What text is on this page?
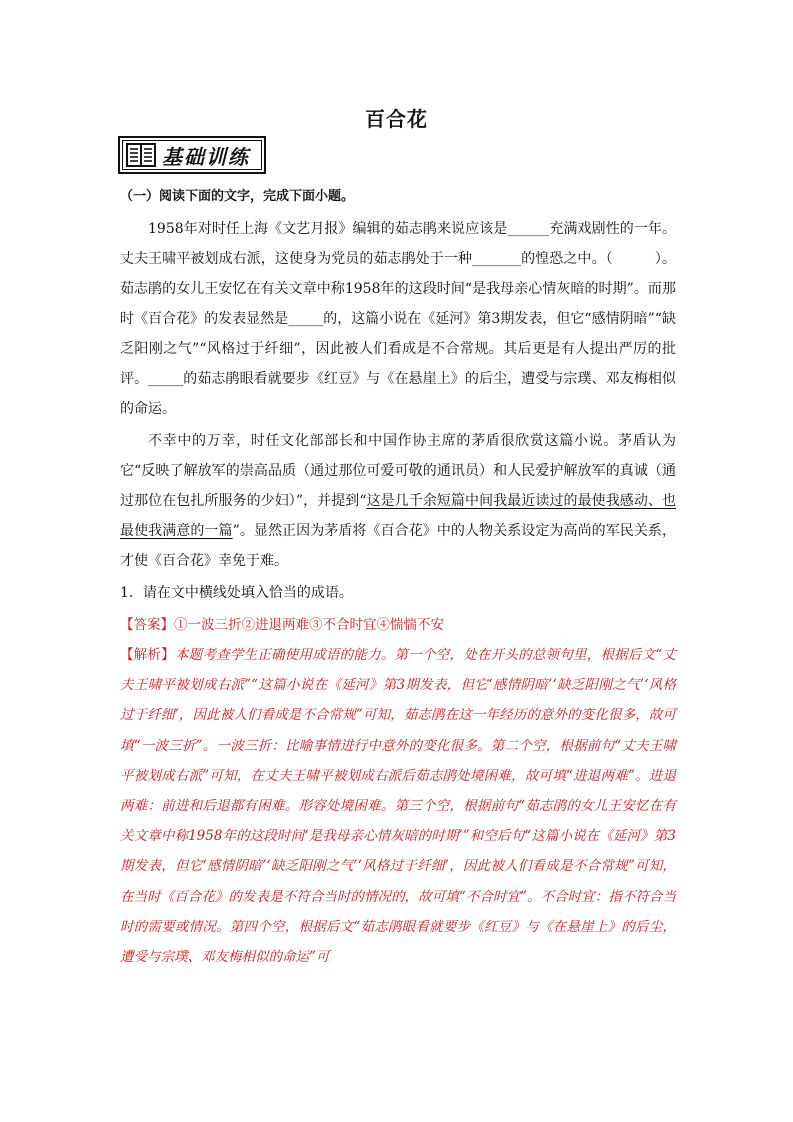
百合花
基础训练

（一）阅读下面的文字，完成下面小题。

1958年对时任上海《文艺月报》编辑的茹志鹃来说应该是______充满戏剧性的一年。丈夫王啸平被划成右派，这使身为党员的茹志鹃处于一种_______的惶恐之中。（　　　）。茹志鹃的女儿王安忆在有关文章中称1958年的这段时间“是我母亲心情灰暗的时期”。而那时《百合花》的发表显然是_____的，这篇小说在《延河》第3期发表，但它“感情阴暗”“缺乏阳刚之气”“风格过于纤细”，因此被人们看成是不合常规。其后更是有人提出严厉的批评。_____的茹志鹃眼看就要步《红豆》与《在悬崖上》的后尘，遭受与宗璞、邓友梅相似的命运。

不幸中的万幸，时任文化部部长和中国作协主席的茅盾很欣赏这篇小说。茅盾认为它“反映了解放军的崇高品质（通过那位可爱可敬的通讯员）和人民爱护解放军的真诚（通过那位在包扎所服务的少妇）”，并提到“这是几千余短篇中间我最近读过的最使我感动、也最使我满意的一篇”。显然正因为茅盾将《百合花》中的人物关系设定为高尚的军民关系，才使《百合花》幸免于难。

1．请在文中横线处填入恰当的成语。

【答案】①一波三折②进退两难③不合时宜④惴惴不安

【解析】本题考查学生正确使用成语的能力。第一个空，处在开头的总领句里，根据后文“丈夫王啸平被划成右派”“这篇小说在《延河》第3期发表，但它‘感情阴暗’‘缺乏阳刚之气’‘风格过于纤细’，因此被人们看成是不合常规”可知，茹志鹃在这一年经历的意外的变化很多，故可填“一波三折”。一波三折：比喻事情进行中意外的变化很多。第二个空，根据前句“丈夫王啸平被划成右派”可知，在丈夫王啸平被划成右派后茹志鹃处境困难，故可填“进退两难”。进退两难：前进和后退都有困难。形容处境困难。第三个空，根据前句“茹志鹃的女儿王安忆在有关文章中称1958年的这段时间‘是我母亲心情灰暗的时期’”和空后句“这篇小说在《延河》第3期发表，但它‘感情阴暗’‘缺乏阳刚之气’‘风格过于纤细’，因此被人们看成是不合常规”可知，在当时《百合花》的发表是不符合当时的情况的，故可填“不合时宜”。不合时宜：指不符合当时的需要或情况。第四个空，根据后文“茹志鹃眼看就要步《红豆》与《在悬崖上》的后尘，遭受与宗璞、邓友梅相似的命运”可
